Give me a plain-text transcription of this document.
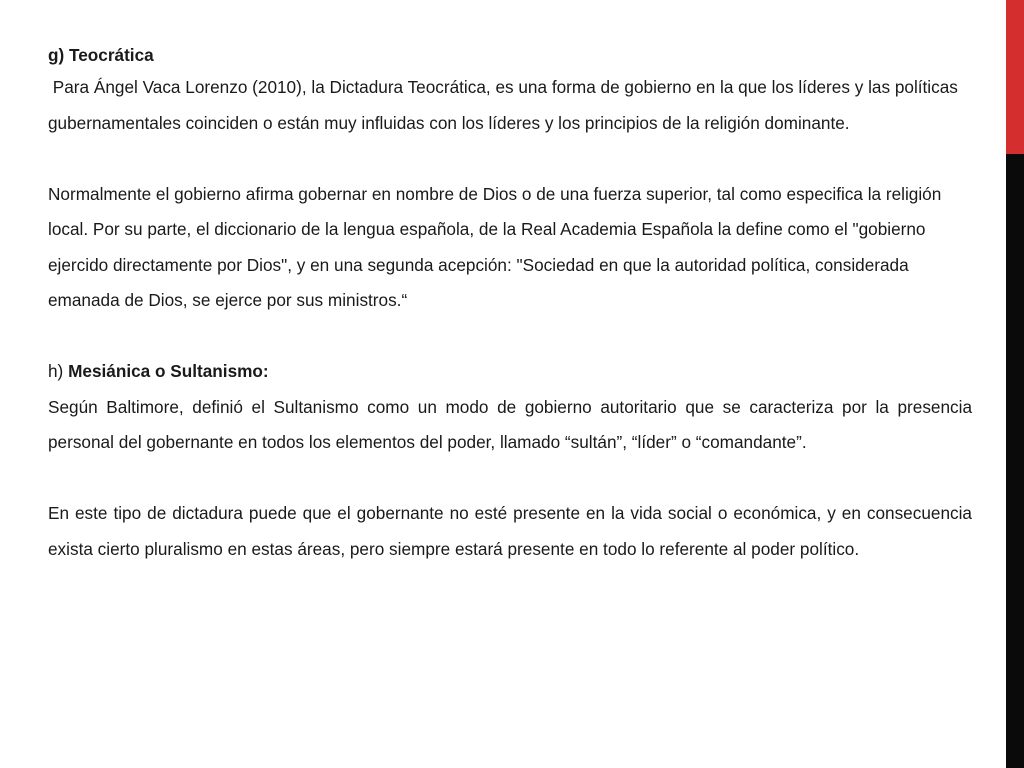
g) Teocrática

Para Ángel Vaca Lorenzo (2010), la Dictadura Teocrática, es una forma de gobierno en la que los líderes y las políticas gubernamentales coinciden o están muy influidas con los líderes y los principios de la religión dominante.

Normalmente el gobierno afirma gobernar en nombre de Dios o de una fuerza superior, tal como especifica la religión local. Por su parte, el diccionario de la lengua española, de la Real Academia Española la define como el "gobierno ejercido directamente por Dios", y en una segunda acepción: "Sociedad en que la autoridad política, considerada emanada de Dios, se ejerce por sus ministros.“

h) Mesiánica o Sultanismo:

Según Baltimore, definió el Sultanismo como un modo de gobierno autoritario que se caracteriza por la presencia personal del gobernante en todos los elementos del poder, llamado “sultán”, “líder” o “comandante”.

En este tipo de dictadura puede que el gobernante no esté presente en la vida social o económica, y en consecuencia exista cierto pluralismo en estas áreas, pero siempre estará presente en todo lo referente al poder político.
